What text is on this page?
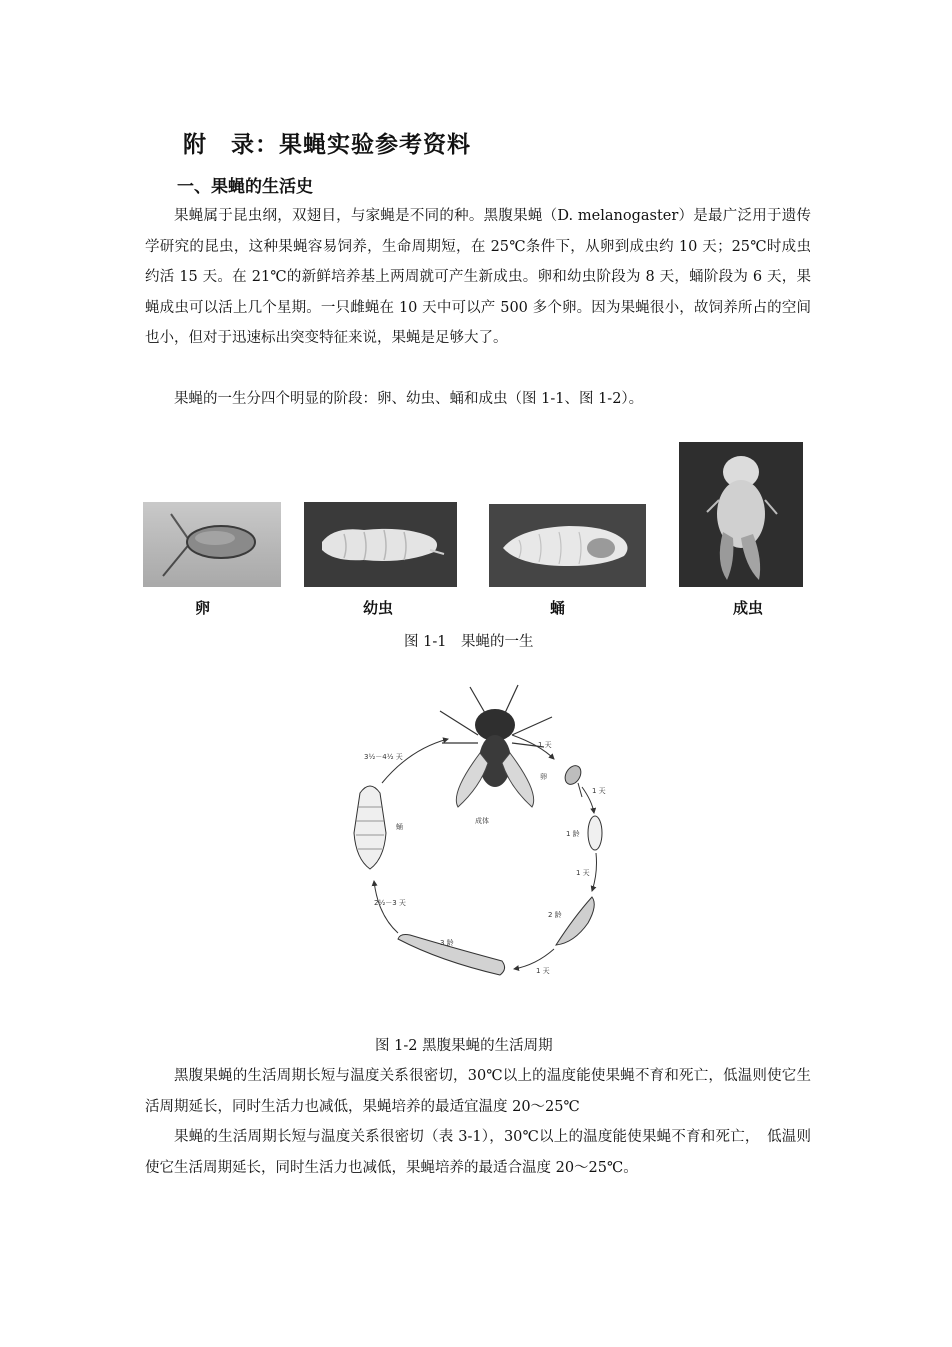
附　录：果蝇实验参考资料
一、果蝇的生活史

果蝇属于昆虫纲，双翅目，与家蝇是不同的种。黑腹果蝇（D. melanogaster）是最广泛用于遗传学研究的昆虫，这种果蝇容易饲养，生命周期短，在 25℃条件下，从卵到成虫约 10 天；25℃时成虫约活 15 天。在 21℃的新鲜培养基上两周就可产生新成虫。卵和幼虫阶段为 8 天，蛹阶段为 6 天，果蝇成虫可以活上几个星期。一只雌蝇在 10 天中可以产 500 多个卵。因为果蝇很小，故饲养所占的空间也小，但对于迅速标出突变特征来说，果蝇是足够大了。

果蝇的一生分四个明显的阶段：卵、幼虫、蛹和成虫（图 1-1、图 1-2）。

卵	幼虫	蛹	成虫
图 1-1　果蝇的一生
成体
卵
1 天
1 天
1 龄
1 天
2 龄
3 龄
1 天
蛹
3½－4½ 天
2½－3 天
图 1-2 黑腹果蝇的生活周期

黑腹果蝇的生活周期长短与温度关系很密切，30℃以上的温度能使果蝇不育和死亡，低温则使它生活周期延长，同时生活力也减低，果蝇培养的最适宜温度 20～25℃

果蝇的生活周期长短与温度关系很密切（表 3-1），30℃以上的温度能使果蝇不育和死亡，　低温则使它生活周期延长，同时生活力也减低，果蝇培养的最适合温度 20～25℃。
